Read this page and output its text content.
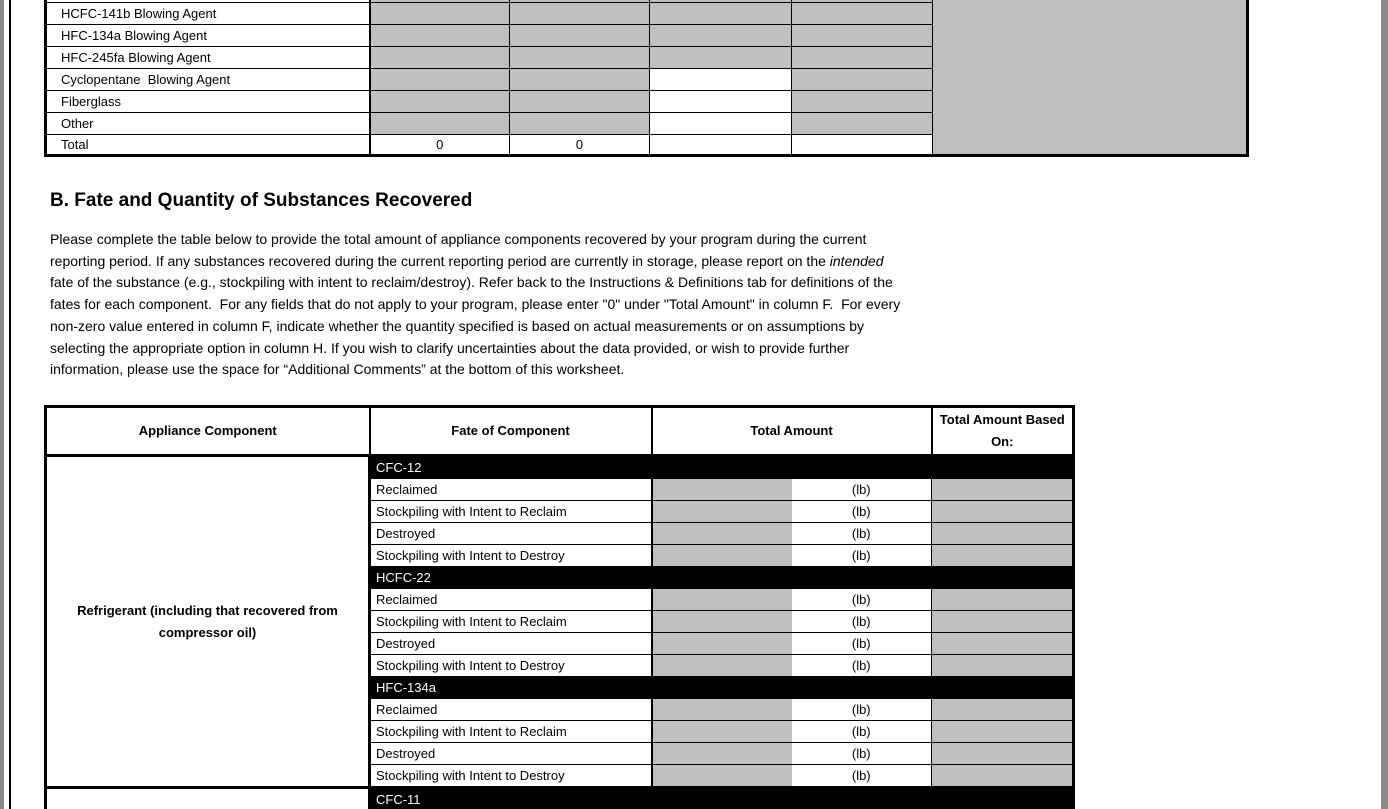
HCFC-141b Blowing Agent					
HFC-134a Blowing Agent					
HFC-245fa Blowing Agent					
Cyclopentane  Blowing Agent					
Fiberglass					
Other					
Total	0	0			
B. Fate and Quantity of Substances Recovered
Please complete the table below to provide the total amount of appliance components recovered by your program during the current
reporting period. If any substances recovered during the current reporting period are currently in storage, please report on the intended
fate of the substance (e.g., stockpiling with intent to reclaim/destroy). Refer back to the Instructions & Definitions tab for definitions of the
fates for each component.  For any fields that do not apply to your program, please enter "0" under "Total Amount" in column F.  For every
non-zero value entered in column F, indicate whether the quantity specified is based on actual measurements or on assumptions by
selecting the appropriate option in column H. If you wish to clarify uncertainties about the data provided, or wish to provide further
information, please use the space for “Additional Comments” at the bottom of this worksheet.
Appliance Component	Fate of Component	Total Amount		Total Amount Based On:
Refrigerant (including that recovered from compressor oil)	CFC-12			
	Reclaimed		(lb)	
	Stockpiling with Intent to Reclaim		(lb)	
	Destroyed		(lb)	
	Stockpiling with Intent to Destroy		(lb)	
	HCFC-22			
	Reclaimed		(lb)	
	Stockpiling with Intent to Reclaim		(lb)	
	Destroyed		(lb)	
	Stockpiling with Intent to Destroy		(lb)	
	HFC-134a			
	Reclaimed		(lb)	
	Stockpiling with Intent to Reclaim		(lb)	
	Destroyed		(lb)	
	Stockpiling with Intent to Destroy		(lb)	
	CFC-11			
